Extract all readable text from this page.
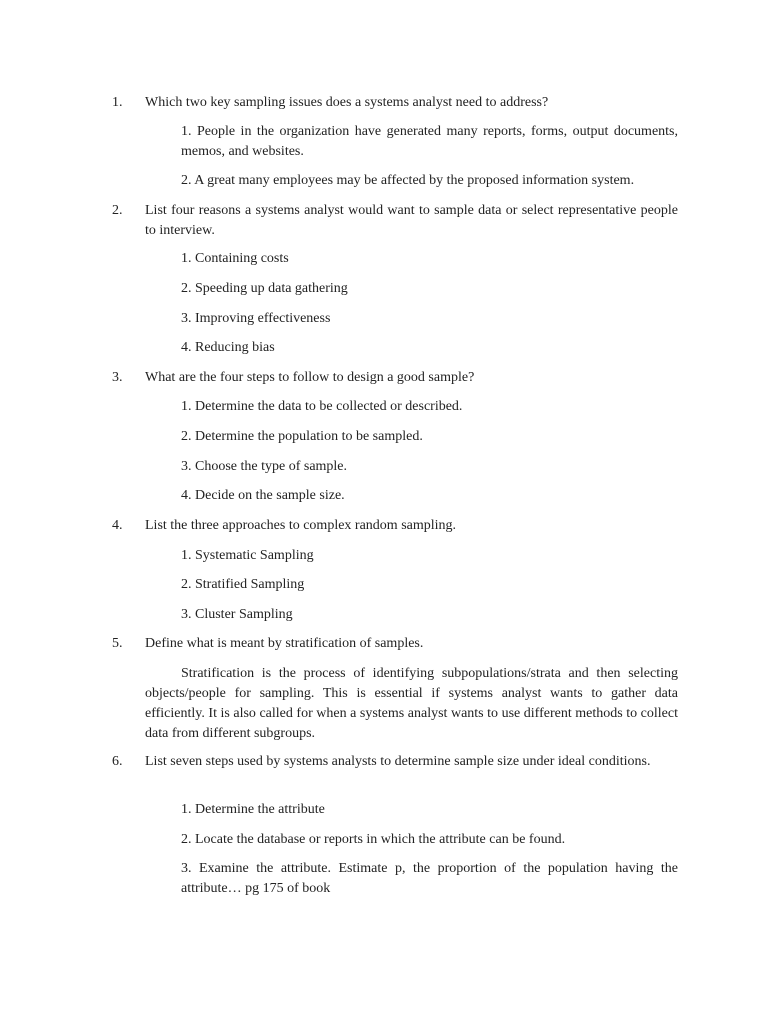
1.	Which two key sampling issues does a systems analyst need to address?
1. People in the organization have generated many reports, forms, output documents, memos, and websites.
2. A great many employees may be affected by the proposed information system.
2.	List four reasons a systems analyst would want to sample data or select representative people to interview.
1. Containing costs
2. Speeding up data gathering
3. Improving effectiveness
4. Reducing bias
3.	What are the four steps to follow to design a good sample?
1. Determine the data to be collected or described.
2. Determine the population to be sampled.
3. Choose the type of sample.
4. Decide on the sample size.
4.	List the three approaches to complex random sampling.
1. Systematic Sampling
2. Stratified Sampling
3. Cluster Sampling
5.	Define what is meant by stratification of samples.
Stratification is the process of identifying subpopulations/strata and then selecting objects/people for sampling. This is essential if systems analyst wants to gather data efficiently. It is also called for when a systems analyst wants to use different methods to collect data from different subgroups.
6.	List seven steps used by systems analysts to determine sample size under ideal conditions.
1. Determine the attribute
2. Locate the database or reports in which the attribute can be found.
3. Examine the attribute. Estimate p, the proportion of the population having the attribute… pg 175 of book
